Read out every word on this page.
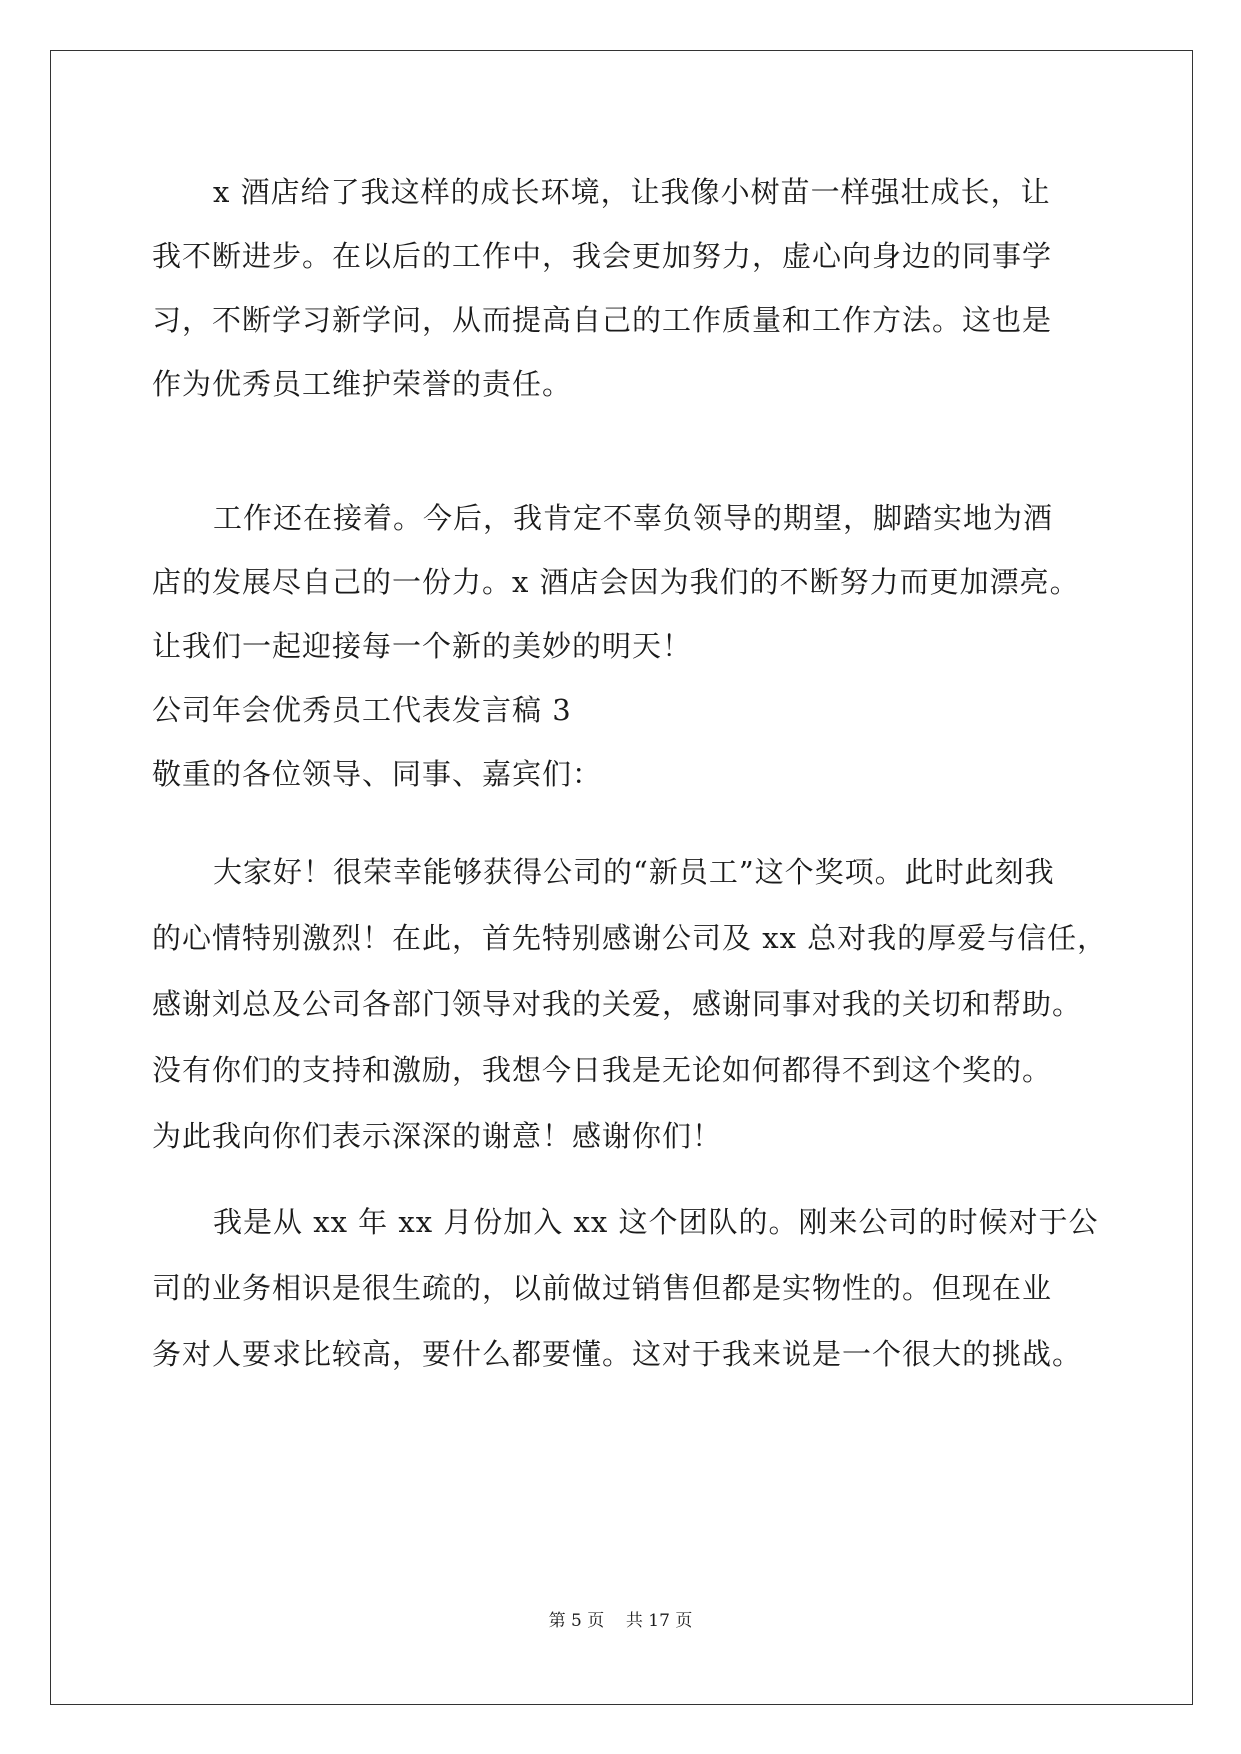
x 酒店给了我这样的成长环境，让我像小树苗一样强壮成长，让
我不断进步。在以后的工作中，我会更加努力，虚心向身边的同事学
习，不断学习新学问，从而提高自己的工作质量和工作方法。这也是
作为优秀员工维护荣誉的责任。
工作还在接着。今后，我肯定不辜负领导的期望，脚踏实地为酒
店的发展尽自己的一份力。x 酒店会因为我们的不断努力而更加漂亮。
让我们一起迎接每一个新的美妙的明天！
公司年会优秀员工代表发言稿 3
敬重的各位领导、同事、嘉宾们：
大家好！很荣幸能够获得公司的“新员工”这个奖项。此时此刻我
的心情特别激烈！在此，首先特别感谢公司及 xx 总对我的厚爱与信任，
感谢刘总及公司各部门领导对我的关爱，感谢同事对我的关切和帮助。
没有你们的支持和激励，我想今日我是无论如何都得不到这个奖的。
为此我向你们表示深深的谢意！感谢你们！
我是从 xx 年 xx 月份加入 xx 这个团队的。刚来公司的时候对于公
司的业务相识是很生疏的，以前做过销售但都是实物性的。但现在业
务对人要求比较高，要什么都要懂。这对于我来说是一个很大的挑战。
第 5 页    共 17 页
